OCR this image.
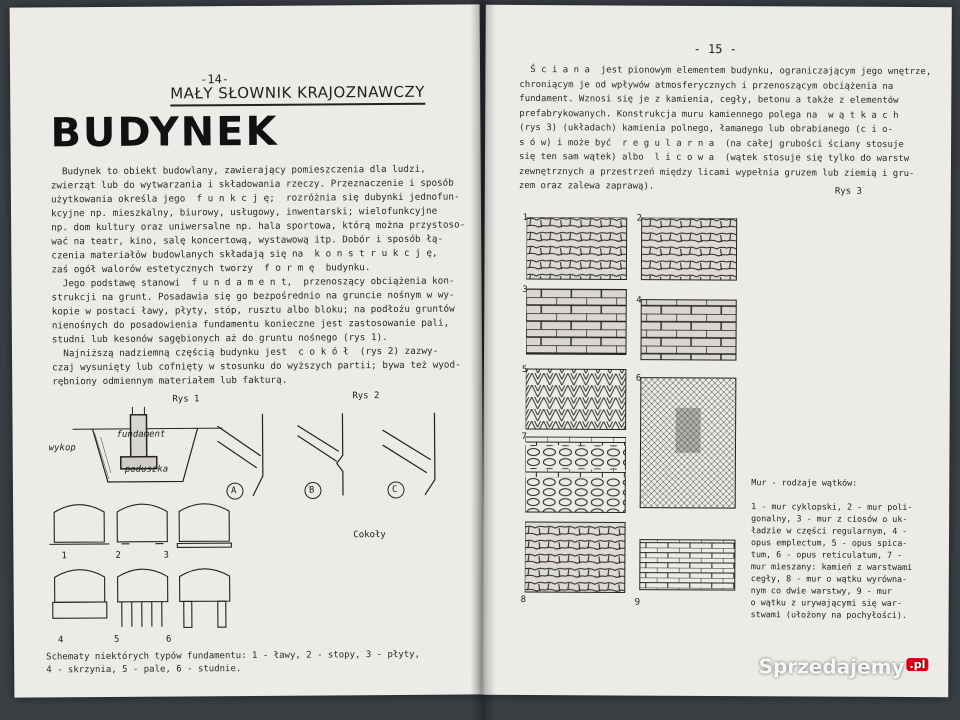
-14-
MAŁY SŁOWNIK KRAJOZNAWCZY
BUDYNEK
Budynek to obiekt budowlany, zawierający pomieszczenia dla ludzi,
zwierząt lub do wytwarzania i składowania rzeczy. Przeznaczenie i sposób
użytkowania określa jego  f u n k c j ę;  rozróżnia się dubynki jednofun-
kcyjne np. mieszkalny, biurowy, usługowy, inwentarski; wielofunkcyjne
np. dom kultury oraz uniwersalne np. hala sportowa, którą można przystoso-
wać na teatr, kino, salę koncertową, wystawową itp. Dobór i sposób łą-
czenia materiałów budowlanych składają się na  k o n s t r u k c j ę,
zaś ogół walorów estetycznych tworzy  f o r m ę  budynku.
Jego podstawę stanowi  f u n d a m e n t,  przenoszący obciążenia kon-
strukcji na grunt. Posadawia się go bezpośrednio na gruncie nośnym w wy-
kopie w postaci ławy, płyty, stóp, rusztu albo bloku; na podłożu gruntów
nienośnych do posadowienia fundamentu konieczne jest zastosowanie pali,
studni lub kesonów sagębionych aż do gruntu nośnego (rys 1).
Najniższą nadziemną częścią budynku jest  c o k ó ł  (rys 2) zazwy-
czaj wysunięty lub cofnięty w stosunku do wyższych partii; bywa też wyod-
rębniony odmiennym materiałem lub fakturą.
Rys 1	Rys 2
fundament
wykop
poduszka
A	B	C
Cokoły
1	2	3
4	5	6
Schematy niektórych typów fundamentu: 1 - ławy, 2 - stopy, 3 - płyty,
4 - skrzynia, 5 - pale, 6 - studnie.
- 15 -
Ś c i a n a  jest pionowym elementem budynku, ograniczającym jego wnętrze,
chroniącym je od wpływów atmosferycznych i przenoszącym obciążenia na
fundament. Wznosi się je z kamienia, cegły, betonu a także z elementów
prefabrykowanych. Konstrukcja muru kamiennego polega na  w ą t k a c h
(rys 3) (układach) kamienia polnego, łamanego lub obrabianego (c i o-
s ó w) i może być  r e g u l a r n a  (na całej grubości ściany stosuje
się ten sam wątek) albo  l i c o w a  (wątek stosuje się tylko do warstw
zewnętrznych a przestrzeń między licami wypełnia gruzem lub ziemią i gru-
zem oraz zalewa zaprawą).
Rys 3
1	2
3
4
5
6
7
8	9
Mur - rodzaje wątków:

1 - mur cyklopski, 2 - mur poli-
gonalny, 3 - mur z ciosów o uk-
ładzie w części regularnym, 4 -
opus emplectum, 5 - opus spica-
tum, 6 - opus reticulatum, 7 -
mur mieszany: kamień z warstwami
cegły, 8 - mur o wątku wyrówna-
nym co dwie warstwy, 9 - mur
o wątku z urywającymi się war-
stwami (ułożony na pochyłości).
Sprzedajemy .pl
